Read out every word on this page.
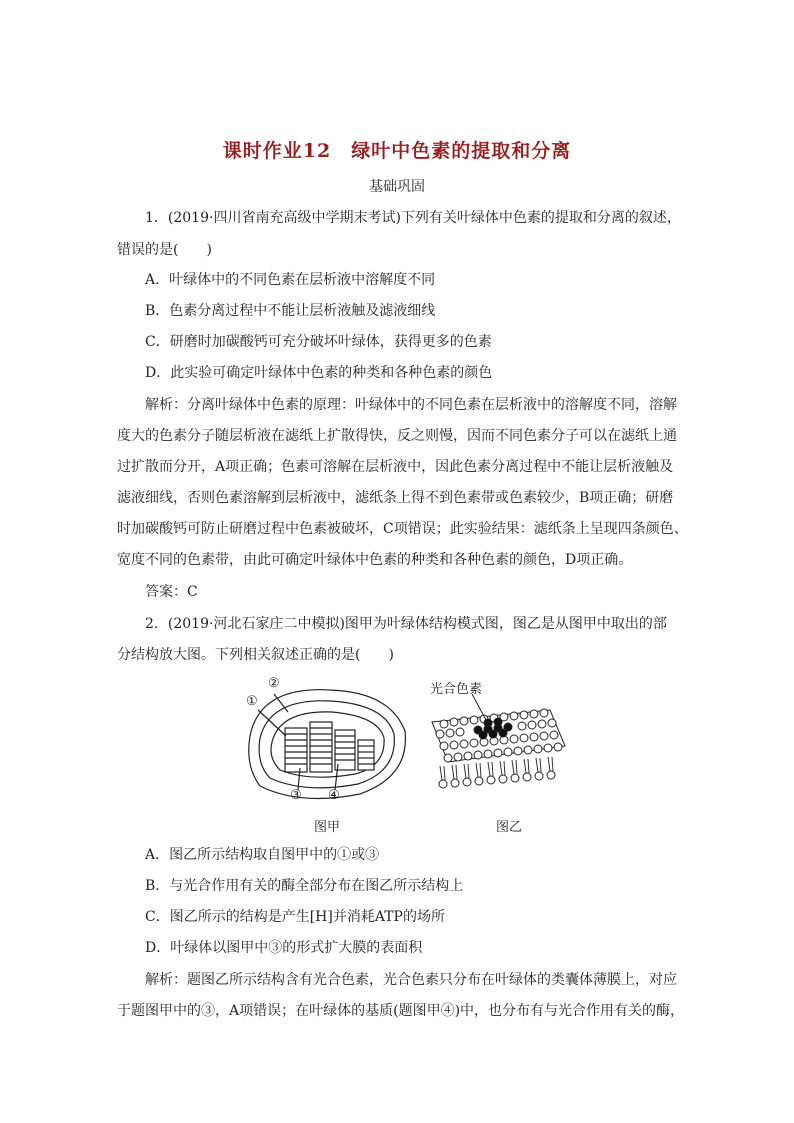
课时作业12　绿叶中色素的提取和分离
基础巩固
1．(2019·四川省南充高级中学期末考试)下列有关叶绿体中色素的提取和分离的叙述，
错误的是(　　)
A．叶绿体中的不同色素在层析液中溶解度不同
B．色素分离过程中不能让层析液触及滤液细线
C．研磨时加碳酸钙可充分破坏叶绿体，获得更多的色素
D．此实验可确定叶绿体中色素的种类和各种色素的颜色
解析：分离叶绿体中色素的原理：叶绿体中的不同色素在层析液中的溶解度不同，溶解
度大的色素分子随层析液在滤纸上扩散得快，反之则慢，因而不同色素分子可以在滤纸上通
过扩散而分开，A项正确；色素可溶解在层析液中，因此色素分离过程中不能让层析液触及
滤液细线，否则色素溶解到层析液中，滤纸条上得不到色素带或色素较少，B项正确；研磨
时加碳酸钙可防止研磨过程中色素被破坏，C项错误；此实验结果：滤纸条上呈现四条颜色、
宽度不同的色素带，由此可确定叶绿体中色素的种类和各种色素的颜色，D项正确。
答案：C
2．(2019·河北石家庄二中模拟)图甲为叶绿体结构模式图，图乙是从图甲中取出的部
分结构放大图。下列相关叙述正确的是(　　)
②
①
③ ④
光合色素
图甲	图乙
A．图乙所示结构取自图甲中的①或③
B．与光合作用有关的酶全部分布在图乙所示结构上
C．图乙所示的结构是产生[H]并消耗ATP的场所
D．叶绿体以图甲中③的形式扩大膜的表面积
解析：题图乙所示结构含有光合色素，光合色素只分布在叶绿体的类囊体薄膜上，对应
于题图甲中的③，A项错误；在叶绿体的基质(题图甲④)中，也分布有与光合作用有关的酶，
